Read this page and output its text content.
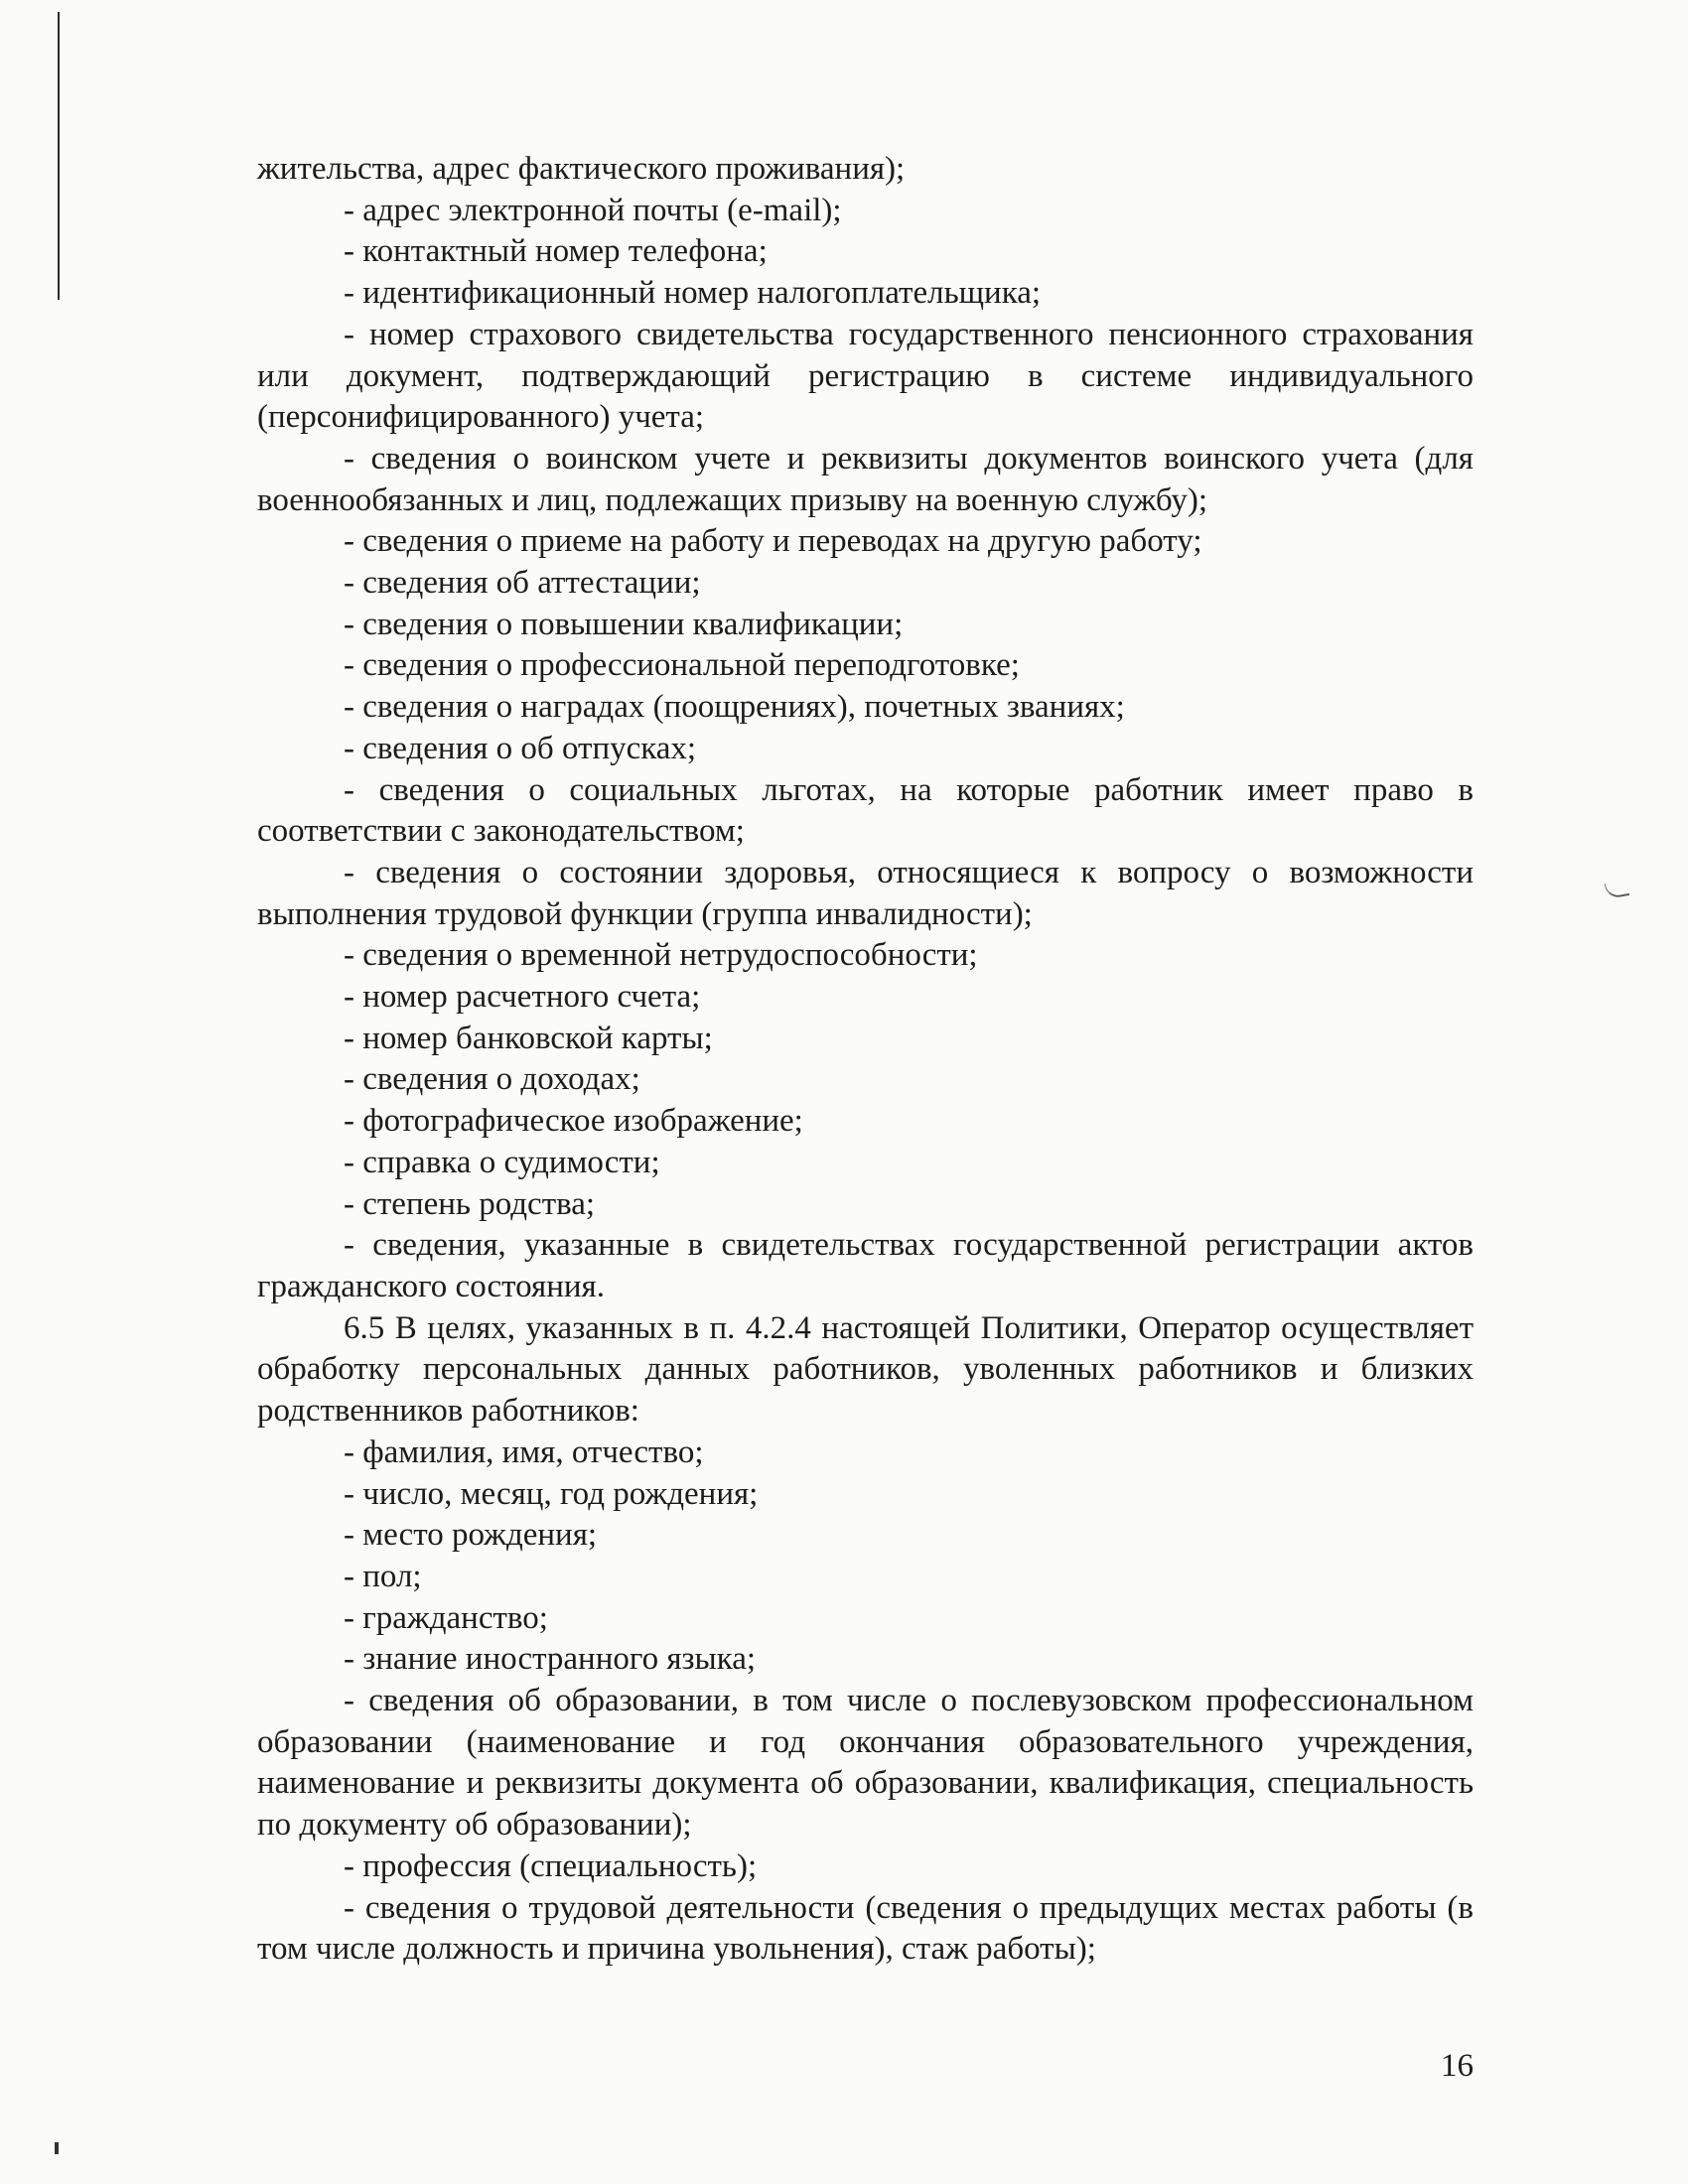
жительства, адрес фактического проживания);

- адрес электронной почты (e-mail);

- контактный номер телефона;

- идентификационный номер налогоплательщика;

- номер страхового свидетельства государственного пенсионного страхования или документ, подтверждающий регистрацию в системе индивидуального (персонифицированного) учета;

- сведения о воинском учете и реквизиты документов воинского учета (для военнообязанных и лиц, подлежащих призыву на военную службу);

- сведения о приеме на работу и переводах на другую работу;

- сведения об аттестации;

- сведения о повышении квалификации;

- сведения о профессиональной переподготовке;

- сведения о наградах (поощрениях), почетных званиях;

- сведения о об отпусках;

- сведения о социальных льготах, на которые работник имеет право в соответствии с законодательством;

- сведения о состоянии здоровья, относящиеся к вопросу о возможности выполнения трудовой функции (группа инвалидности);

- сведения о временной нетрудоспособности;

- номер расчетного счета;

- номер банковской карты;

- сведения о доходах;

- фотографическое изображение;

- справка о судимости;

- степень родства;

- сведения, указанные в свидетельствах государственной регистрации актов гражданского состояния.

6.5 В целях, указанных в п. 4.2.4 настоящей Политики, Оператор осуществляет обработку персональных данных работников, уволенных работников и близких родственников работников:

- фамилия, имя, отчество;

- число, месяц, год рождения;

- место рождения;

- пол;

- гражданство;

- знание иностранного языка;

- сведения об образовании, в том числе о послевузовском профессиональном образовании (наименование и год окончания образовательного учреждения, наименование и реквизиты документа об образовании, квалификация, специальность по документу об образовании);

- профессия (специальность);

- сведения о трудовой деятельности (сведения о предыдущих местах работы (в том числе должность и причина увольнения), стаж работы);

16
